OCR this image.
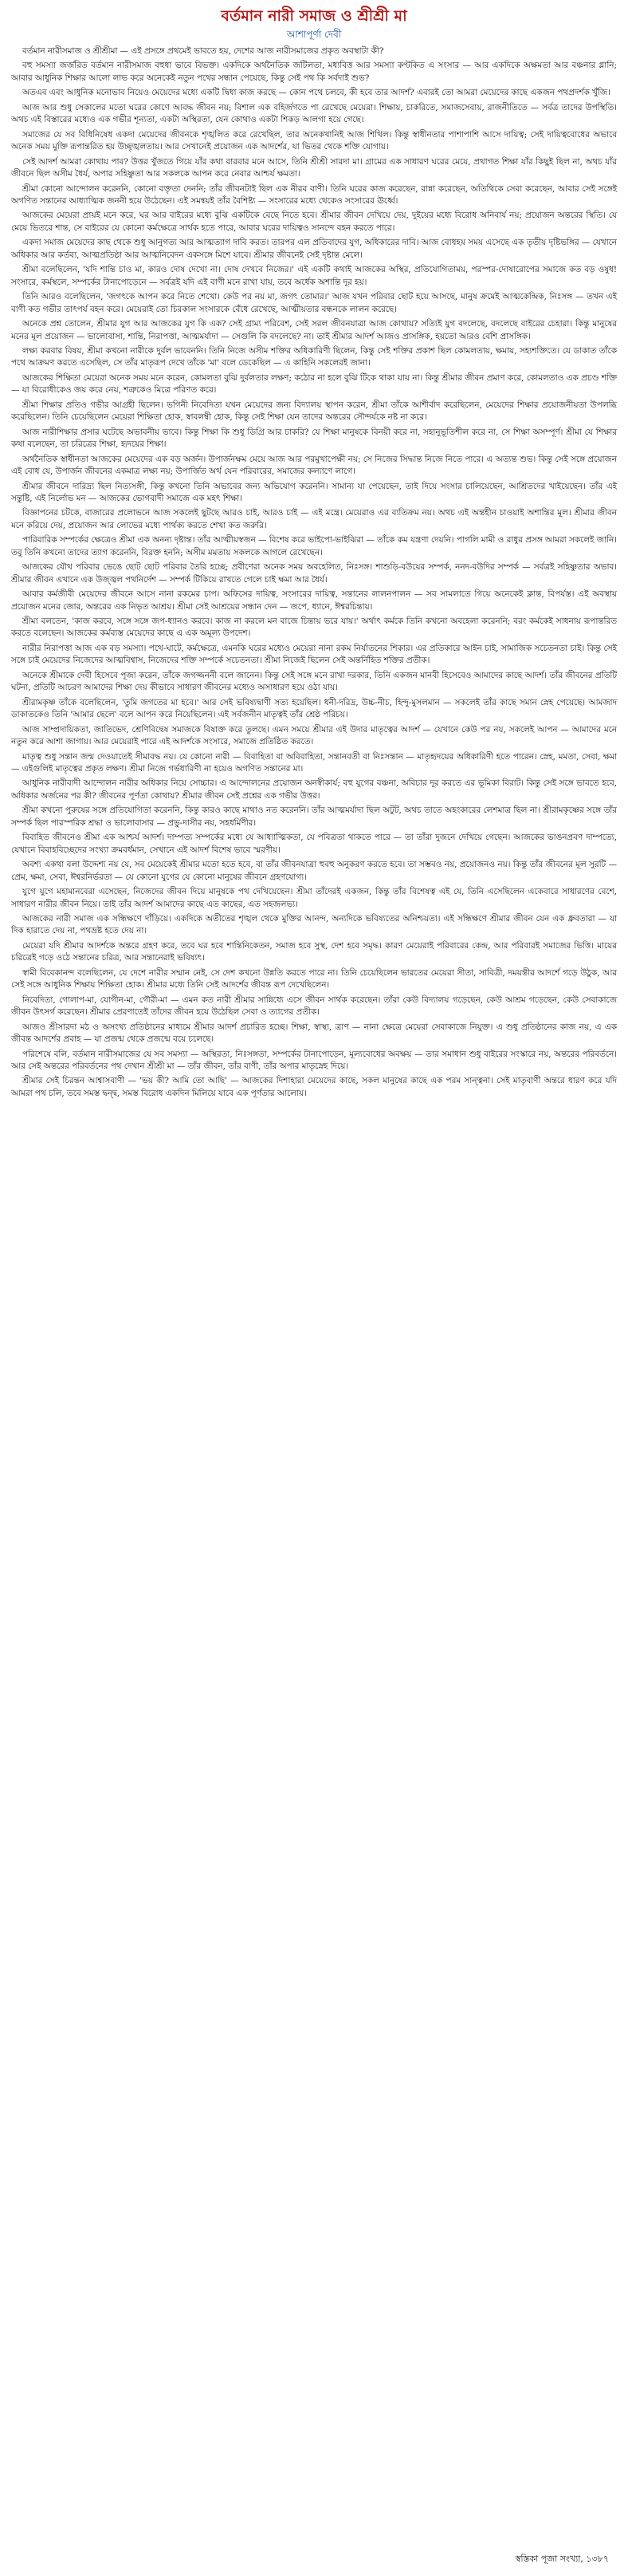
বর্তমান নারী সমাজ ও শ্রীশ্রী মা
আশাপূর্ণা দেবী

বর্তমান নারীসমাজ ও শ্রীশ্রীমা — এই প্রসঙ্গে প্রথমেই ভাবতে হয়, দেশের আজ নারীসমাজের প্রকৃত অবস্থাটা কী?

বহু সমস্যা জর্জরিত বর্তমান নারীসমাজ বহুধা ভাবে বিভক্ত। একদিকে অর্থনৈতিক জটিলতা, মধ্যবিত্ত আর সমস্যা কণ্টকিত এ সংসার — আর একদিকে অক্ষমতা আর বঞ্চনার গ্লানি; আবার আধুনিক শিক্ষার আলো লাভ করে অনেকেই নতুন পথের সন্ধান পেয়েছে, কিন্তু সেই পথ কি সর্বদাই শুভ?

অতএব এবং আধুনিক মনোভাব নিয়েও মেয়েদের মধ্যে একটি দ্বিধা কাজ করছে — কোন পথে চলবে, কী হবে তার আদর্শ? এবারই তো আমরা মেয়েদের কাছে একজন পথপ্রদর্শক খুঁজি।

আজ আর শুধু সেকালের মতো ঘরের কোণে আবদ্ধ জীবন নয়; বিশাল এক বহির্জগতে পা রেখেছে মেয়েরা। শিক্ষায়, চাকরিতে, সমাজসেবায়, রাজনীতিতে — সর্বত্র তাদের উপস্থিতি। অথচ এই বিস্তারের মধ্যেও এক গভীর শূন্যতা, একটা অস্থিরতা, যেন কোথাও একটা শিকড় আলগা হয়ে গেছে।

সমাজের যে সব বিধিনিষেধ একদা মেয়েদের জীবনকে শৃঙ্খলিত করে রেখেছিল, তার অনেকখানিই আজ শিথিল। কিন্তু স্বাধীনতার পাশাপাশি আসে দায়িত্ব; সেই দায়িত্ববোধের অভাবে অনেক সময় মুক্তি রূপান্তরিত হয় উচ্ছৃঙ্খলতায়। আর সেখানেই প্রয়োজন এক আদর্শের, যা ভিতর থেকে শক্তি যোগায়।

সেই আদর্শ আমরা কোথায় পাব? উত্তর খুঁজতে গিয়ে যাঁর কথা বারবার মনে আসে, তিনি শ্রীশ্রী সারদা মা। গ্রামের এক সাধারণ ঘরের মেয়ে, প্রথাগত শিক্ষা যাঁর কিছুই ছিল না, অথচ যাঁর জীবনে ছিল অসীম ধৈর্য, অপার সহিষ্ণুতা আর সকলকে আপন করে নেবার আশ্চর্য ক্ষমতা।

শ্রীমা কোনো আন্দোলন করেননি, কোনো বক্তৃতা দেননি; তাঁর জীবনটাই ছিল এক নীরব বাণী। তিনি ঘরের কাজ করেছেন, রান্না করেছেন, অতিথিকে সেবা করেছেন, আবার সেই সঙ্গেই অগণিত সন্তানের আধ্যাত্মিক জননী হয়ে উঠেছেন। এই সমন্বয়ই তাঁর বৈশিষ্ট্য — সংসারের মধ্যে থেকেও সংসারের ঊর্ধ্বে।

আজকের মেয়েরা প্রায়ই মনে করে, ঘর আর বাইরের মধ্যে বুঝি একটিকে বেছে নিতে হবে। শ্রীমার জীবন দেখিয়ে দেয়, দুইয়ের মধ্যে বিরোধ অনিবার্য নয়; প্রয়োজন অন্তরের স্থিতি। যে মেয়ে ভিতরে শান্ত, সে বাইরের যে কোনো কর্মক্ষেত্রে সার্থক হতে পারে, আবার ঘরের দায়িত্বও সানন্দে বহন করতে পারে।

একদা সমাজ মেয়েদের কাছ থেকে শুধু আনুগত্য আর আত্মত্যাগ দাবি করত। তারপর এল প্রতিবাদের যুগ, অধিকারের দাবি। আজ বোধহয় সময় এসেছে এক তৃতীয় দৃষ্টিভঙ্গির — যেখানে অধিকার আর কর্তব্য, আত্মপ্রতিষ্ঠা আর আত্মনিবেদন একসঙ্গে মিশে যাবে। শ্রীমার জীবনেই সেই দৃষ্টান্ত মেলে।

শ্রীমা বলেছিলেন, 'যদি শান্তি চাও মা, কারও দোষ দেখো না। দোষ দেখবে নিজের।' এই একটি কথাই আজকের অস্থির, প্রতিযোগিতাময়, পরস্পর-দোষারোপের সমাজে কত বড় ওষুধ! সংসারে, কর্মস্থলে, সম্পর্কের টানাপোড়েনে — সর্বত্রই যদি এই বাণী মনে রাখা যায়, তবে অর্ধেক অশান্তি দূর হয়।

তিনি আরও বলেছিলেন, 'জগৎকে আপন করে নিতে শেখো। কেউ পর নয় মা, জগৎ তোমার।' আজ যখন পরিবার ছোট হয়ে আসছে, মানুষ ক্রমেই আত্মকেন্দ্রিক, নিঃসঙ্গ — তখন এই বাণী কত গভীর তাৎপর্য বহন করে। মেয়েরাই তো চিরকাল সংসারকে বেঁধে রেখেছে, আত্মীয়তার বন্ধনকে লালন করেছে।

অনেকে প্রশ্ন তোলেন, শ্রীমার যুগ আর আজকের যুগ কি এক? সেই গ্রাম্য পরিবেশ, সেই সরল জীবনযাত্রা আজ কোথায়? সত্যিই যুগ বদলেছে, বদলেছে বাইরের চেহারা। কিন্তু মানুষের মনের মূল প্রয়োজন — ভালোবাসা, শান্তি, নিরাপত্তা, আত্মমর্যাদা — সেগুলি কি বদলেছে? না। তাই শ্রীমার আদর্শ আজও প্রাসঙ্গিক, হয়তো আরও বেশি প্রাসঙ্গিক।

লক্ষ্য করবার বিষয়, শ্রীমা কখনো নারীকে দুর্বল ভাবেননি। তিনি নিজে অসীম শক্তির অধিকারিণী ছিলেন, কিন্তু সেই শক্তির প্রকাশ ছিল কোমলতায়, ক্ষমায়, সহ্যশক্তিতে। যে ডাকাত তাঁকে পথে আক্রমণ করতে এসেছিল, সে তাঁর মাতৃরূপ দেখে তাঁকে 'মা' বলে ডেকেছিল — এ কাহিনি সকলেরই জানা।

আজকের শিক্ষিতা মেয়েরা অনেক সময় মনে করেন, কোমলতা বুঝি দুর্বলতার লক্ষণ; কঠোর না হলে বুঝি টিকে থাকা যায় না। কিন্তু শ্রীমার জীবন প্রমাণ করে, কোমলতাও এক প্রচণ্ড শক্তি — যা বিরোধীকেও জয় করে নেয়, শত্রুকেও মিত্রে পরিণত করে।

শ্রীমা শিক্ষার প্রতিও গভীর আগ্রহী ছিলেন। ভগিনী নিবেদিতা যখন মেয়েদের জন্য বিদ্যালয় স্থাপন করেন, শ্রীমা তাঁকে আশীর্বাদ করেছিলেন, মেয়েদের শিক্ষার প্রয়োজনীয়তা উপলব্ধি করেছিলেন। তিনি চেয়েছিলেন মেয়েরা শিক্ষিতা হোক, স্বাবলম্বী হোক, কিন্তু সেই শিক্ষা যেন তাদের অন্তরের সৌন্দর্যকে নষ্ট না করে।

আজ নারীশিক্ষার প্রসার ঘটেছে অভাবনীয় ভাবে। কিন্তু শিক্ষা কি শুধু ডিগ্রি আর চাকরি? যে শিক্ষা মানুষকে বিনয়ী করে না, সহানুভূতিশীল করে না, সে শিক্ষা অসম্পূর্ণ। শ্রীমা যে শিক্ষার কথা বলেছেন, তা চরিত্রের শিক্ষা, হৃদয়ের শিক্ষা।

অর্থনৈতিক স্বাধীনতা আজকের মেয়েদের এক বড় অর্জন। উপার্জনক্ষম মেয়ে আজ আর পরমুখাপেক্ষী নয়; সে নিজের সিদ্ধান্ত নিজে নিতে পারে। এ অত্যন্ত শুভ। কিন্তু সেই সঙ্গে প্রয়োজন এই বোধ যে, উপার্জন জীবনের একমাত্র লক্ষ্য নয়; উপার্জিত অর্থ যেন পরিবারের, সমাজের কল্যাণে লাগে।

শ্রীমার জীবনে দারিদ্র্য ছিল নিত্যসঙ্গী, কিন্তু কখনো তিনি অভাবের জন্য অভিযোগ করেননি। সামান্য যা পেয়েছেন, তাই দিয়ে সংসার চালিয়েছেন, আশ্রিতদের খাইয়েছেন। তাঁর এই সন্তুষ্টি, এই নির্লোভ মন — আজকের ভোগবাদী সমাজে এক মহৎ শিক্ষা।

বিজ্ঞাপনের চটকে, বাজারের প্রলোভনে আজ সকলেই ছুটছে আরও চাই, আরও চাই — এই মন্ত্রে। মেয়েরাও এর ব্যতিক্রম নয়। অথচ এই অন্তহীন চাওয়াই অশান্তির মূল। শ্রীমার জীবন মনে করিয়ে দেয়, প্রয়োজন আর লোভের মধ্যে পার্থক্য করতে শেখা কত জরুরি।

পারিবারিক সম্পর্কের ক্ষেত্রেও শ্রীমা এক অনন্য দৃষ্টান্ত। তাঁর আত্মীয়স্বজন — বিশেষ করে ভাইপো-ভাইঝিরা — তাঁকে কম যন্ত্রণা দেয়নি। পাগলি মামী ও রাধুর প্রসঙ্গ আমরা সকলেই জানি। তবু তিনি কখনো তাদের ত্যাগ করেননি, বিরক্ত হননি; অসীম মমতায় সকলকে আগলে রেখেছেন।

আজকের যৌথ পরিবার ভেঙে ছোট ছোট পরিবার তৈরি হচ্ছে; প্রবীণেরা অনেক সময় অবহেলিত, নিঃসঙ্গ। শাশুড়ি-বউয়ের সম্পর্ক, ননদ-বউদির সম্পর্ক — সর্বত্রই সহিষ্ণুতার অভাব। শ্রীমার জীবন এখানে এক উজ্জ্বল পথনির্দেশ — সম্পর্ক টিকিয়ে রাখতে গেলে চাই ক্ষমা আর ধৈর্য।

আবার কর্মজীবী মেয়েদের জীবনে আসে নানা রকমের চাপ। অফিসের দায়িত্ব, সংসারের দায়িত্ব, সন্তানের লালনপালন — সব সামলাতে গিয়ে অনেকেই ক্লান্ত, বিপর্যস্ত। এই অবস্থায় প্রয়োজন মনের জোর, অন্তরের এক নিভৃত আশ্রয়। শ্রীমা সেই আশ্রয়ের সন্ধান দেন — জপে, ধ্যানে, ঈশ্বরচিন্তায়।

শ্রীমা বলতেন, 'কাজ করবে, সঙ্গে সঙ্গে জপ-ধ্যানও করবে। কাজ না করলে মন বাজে চিন্তায় ভরে যায়।' অর্থাৎ কর্মকে তিনি কখনো অবহেলা করেননি; বরং কর্মকেই সাধনায় রূপান্তরিত করতে বলেছেন। আজকের কর্মব্যস্ত মেয়েদের কাছে এ এক অমূল্য উপদেশ।

নারীর নিরাপত্তা আজ এক বড় সমস্যা। পথে-ঘাটে, কর্মক্ষেত্রে, এমনকি ঘরের মধ্যেও মেয়েরা নানা রকম নির্যাতনের শিকার। এর প্রতিকারে আইন চাই, সামাজিক সচেতনতা চাই। কিন্তু সেই সঙ্গে চাই মেয়েদের নিজেদের আত্মবিশ্বাস, নিজেদের শক্তি সম্পর্কে সচেতনতা। শ্রীমা নিজেই ছিলেন সেই অন্তর্নিহিত শক্তির প্রতীক।

অনেকে শ্রীমাকে দেবী হিসেবে পূজা করেন, তাঁকে জগজ্জননী বলে জানেন। কিন্তু সেই সঙ্গে মনে রাখা দরকার, তিনি একজন মানবী হিসেবেও আমাদের কাছে আদর্শ। তাঁর জীবনের প্রতিটি ঘটনা, প্রতিটি আচরণ আমাদের শিক্ষা দেয় কীভাবে সাধারণ জীবনের মধ্যেও অসাধারণ হয়ে ওঠা যায়।

শ্রীরামকৃষ্ণ তাঁকে বলেছিলেন, 'তুমি জগতের মা হবে।' আর সেই ভবিষ্যদ্বাণী সত্য হয়েছিল। ধনী-দরিদ্র, উচ্চ-নীচ, হিন্দু-মুসলমান — সকলেই তাঁর কাছে সমান স্নেহ পেয়েছে। আমজাদ ডাকাতকেও তিনি 'আমার ছেলে' বলে আপন করে নিয়েছিলেন। এই সর্বজনীন মাতৃত্বই তাঁর শ্রেষ্ঠ পরিচয়।

আজ সাম্প্রদায়িকতা, জাতিভেদ, শ্রেণিবিদ্বেষ সমাজকে বিষাক্ত করে তুলছে। এমন সময়ে শ্রীমার এই উদার মাতৃত্বের আদর্শ — যেখানে কেউ পর নয়, সকলেই আপন — আমাদের মনে নতুন করে আশা জাগায়। আর মেয়েরাই পারে এই আদর্শকে সংসারে, সমাজে প্রতিষ্ঠিত করতে।

মাতৃত্ব শুধু সন্তান জন্ম দেওয়াতেই সীমাবদ্ধ নয়। যে কোনো নারী — বিবাহিতা বা অবিবাহিতা, সন্তানবতী বা নিঃসন্তান — মাতৃহৃদয়ের অধিকারিণী হতে পারেন। স্নেহ, মমতা, সেবা, ক্ষমা — এইগুলিই মাতৃত্বের প্রকৃত লক্ষণ। শ্রীমা নিজে গর্ভধারিণী না হয়েও অগণিত সন্তানের মা।

আধুনিক নারীবাদী আন্দোলন নারীর অধিকার নিয়ে সোচ্চার। এ আন্দোলনের প্রয়োজন অনস্বীকার্য; বহু যুগের বঞ্চনা, অবিচার দূর করতে এর ভূমিকা বিরাট। কিন্তু সেই সঙ্গে ভাবতে হবে, অধিকার অর্জনের পর কী? জীবনের পূর্ণতা কোথায়? শ্রীমার জীবন সেই প্রশ্নের এক গভীর উত্তর।

শ্রীমা কখনো পুরুষের সঙ্গে প্রতিযোগিতা করেননি, কিন্তু কারও কাছে মাথাও নত করেননি। তাঁর আত্মমর্যাদা ছিল অটুট, অথচ তাতে অহংকারের লেশমাত্র ছিল না। শ্রীরামকৃষ্ণের সঙ্গে তাঁর সম্পর্ক ছিল পারস্পরিক শ্রদ্ধা ও ভালোবাসার — প্রভু-দাসীর নয়, সহধর্মিণীর।

বিবাহিত জীবনেও শ্রীমা এক আশ্চর্য আদর্শ। দাম্পত্য সম্পর্কের মধ্যে যে আধ্যাত্মিকতা, যে পবিত্রতা থাকতে পারে — তা তাঁরা দুজনে দেখিয়ে গেছেন। আজকের ভাঙনপ্রবণ দাম্পত্যে, যেখানে বিবাহবিচ্ছেদের সংখ্যা ক্রমবর্ধমান, সেখানে এই আদর্শ বিশেষ ভাবে স্মরণীয়।

অবশ্য একথা বলা উদ্দেশ্য নয় যে, সব মেয়েকেই শ্রীমার মতো হতে হবে, বা তাঁর জীবনযাত্রা হুবহু অনুকরণ করতে হবে। তা সম্ভবও নয়, প্রয়োজনও নয়। কিন্তু তাঁর জীবনের মূল সুরটি — প্রেম, ক্ষমা, সেবা, ঈশ্বরনির্ভরতা — যে কোনো যুগের যে কোনো মানুষের জীবনে গ্রহণযোগ্য।

যুগে যুগে মহামানবেরা এসেছেন, নিজেদের জীবন দিয়ে মানুষকে পথ দেখিয়েছেন। শ্রীমা তাঁদেরই একজন, কিন্তু তাঁর বিশেষত্ব এই যে, তিনি এসেছিলেন একেবারে সাধারণের বেশে, সাধারণ নারীর জীবন নিয়ে। তাই তাঁর আদর্শ আমাদের কাছে এত কাছের, এত সহজলভ্য।

আজকের নারী সমাজ এক সন্ধিক্ষণে দাঁড়িয়ে। একদিকে অতীতের শৃঙ্খল থেকে মুক্তির আনন্দ, অন্যদিকে ভবিষ্যতের অনিশ্চয়তা। এই সন্ধিক্ষণে শ্রীমার জীবন যেন এক ধ্রুবতারা — যা দিক হারাতে দেয় না, পথভ্রষ্ট হতে দেয় না।

মেয়েরা যদি শ্রীমার আদর্শকে অন্তরে গ্রহণ করে, তবে ঘর হবে শান্তিনিকেতন, সমাজ হবে সুস্থ, দেশ হবে সমৃদ্ধ। কারণ মেয়েরাই পরিবারের কেন্দ্র, আর পরিবারই সমাজের ভিত্তি। মায়ের চরিত্রেই গড়ে ওঠে সন্তানের চরিত্র, আর সন্তানেরাই ভবিষ্যৎ।

স্বামী বিবেকানন্দ বলেছিলেন, যে দেশে নারীর সম্মান নেই, সে দেশ কখনো উন্নতি করতে পারে না। তিনি চেয়েছিলেন ভারতের মেয়েরা সীতা, সাবিত্রী, দময়ন্তীর আদর্শে গড়ে উঠুক, আর সেই সঙ্গে আধুনিক শিক্ষায় শিক্ষিতা হোক। শ্রীমার মধ্যে তিনি সেই আদর্শের জীবন্ত রূপ দেখেছিলেন।

নিবেদিতা, গোলাপ-মা, যোগীন-মা, গৌরী-মা — এমন কত নারী শ্রীমার সান্নিধ্যে এসে জীবন সার্থক করেছেন। তাঁরা কেউ বিদ্যালয় গড়েছেন, কেউ আশ্রম গড়েছেন, কেউ সেবাকাজে জীবন উৎসর্গ করেছেন। শ্রীমার প্রেরণাতেই তাঁদের জীবন হয়ে উঠেছিল সেবা ও ত্যাগের প্রতীক।

আজও শ্রীসারদা মঠ ও অসংখ্য প্রতিষ্ঠানের মাধ্যমে শ্রীমার আদর্শ প্রচারিত হচ্ছে। শিক্ষা, স্বাস্থ্য, ত্রাণ — নানা ক্ষেত্রে মেয়েরা সেবাকাজে নিযুক্ত। এ শুধু প্রতিষ্ঠানের কাজ নয়, এ এক জীবন্ত আদর্শের প্রবাহ — যা প্রজন্ম থেকে প্রজন্মে বয়ে চলেছে।

পরিশেষে বলি, বর্তমান নারীসমাজের যে সব সমস্যা — অস্থিরতা, নিঃসঙ্গতা, সম্পর্কের টানাপোড়েন, মূল্যবোধের অবক্ষয় — তার সমাধান শুধু বাইরের সংস্কারে নয়, অন্তরের পরিবর্তনে। আর সেই অন্তরের পরিবর্তনের পথ দেখান শ্রীশ্রী মা — তাঁর জীবন, তাঁর বাণী, তাঁর অপার মাতৃস্নেহ দিয়ে।

শ্রীমার সেই চিরন্তন আশ্বাসবাণী — 'ভয় কী? আমি তো আছি' — আজকের দিশাহারা মেয়েদের কাছে, সকল মানুষের কাছে এক পরম সান্ত্বনা। সেই মাতৃবাণী অন্তরে ধারণ করে যদি আমরা পথ চলি, তবে সমস্ত দ্বন্দ্ব, সমস্ত বিরোধ একদিন মিলিয়ে যাবে এক পূর্ণতার আলোয়।

স্বস্তিকা পূজা সংখ্যা, ১৩৮৭
